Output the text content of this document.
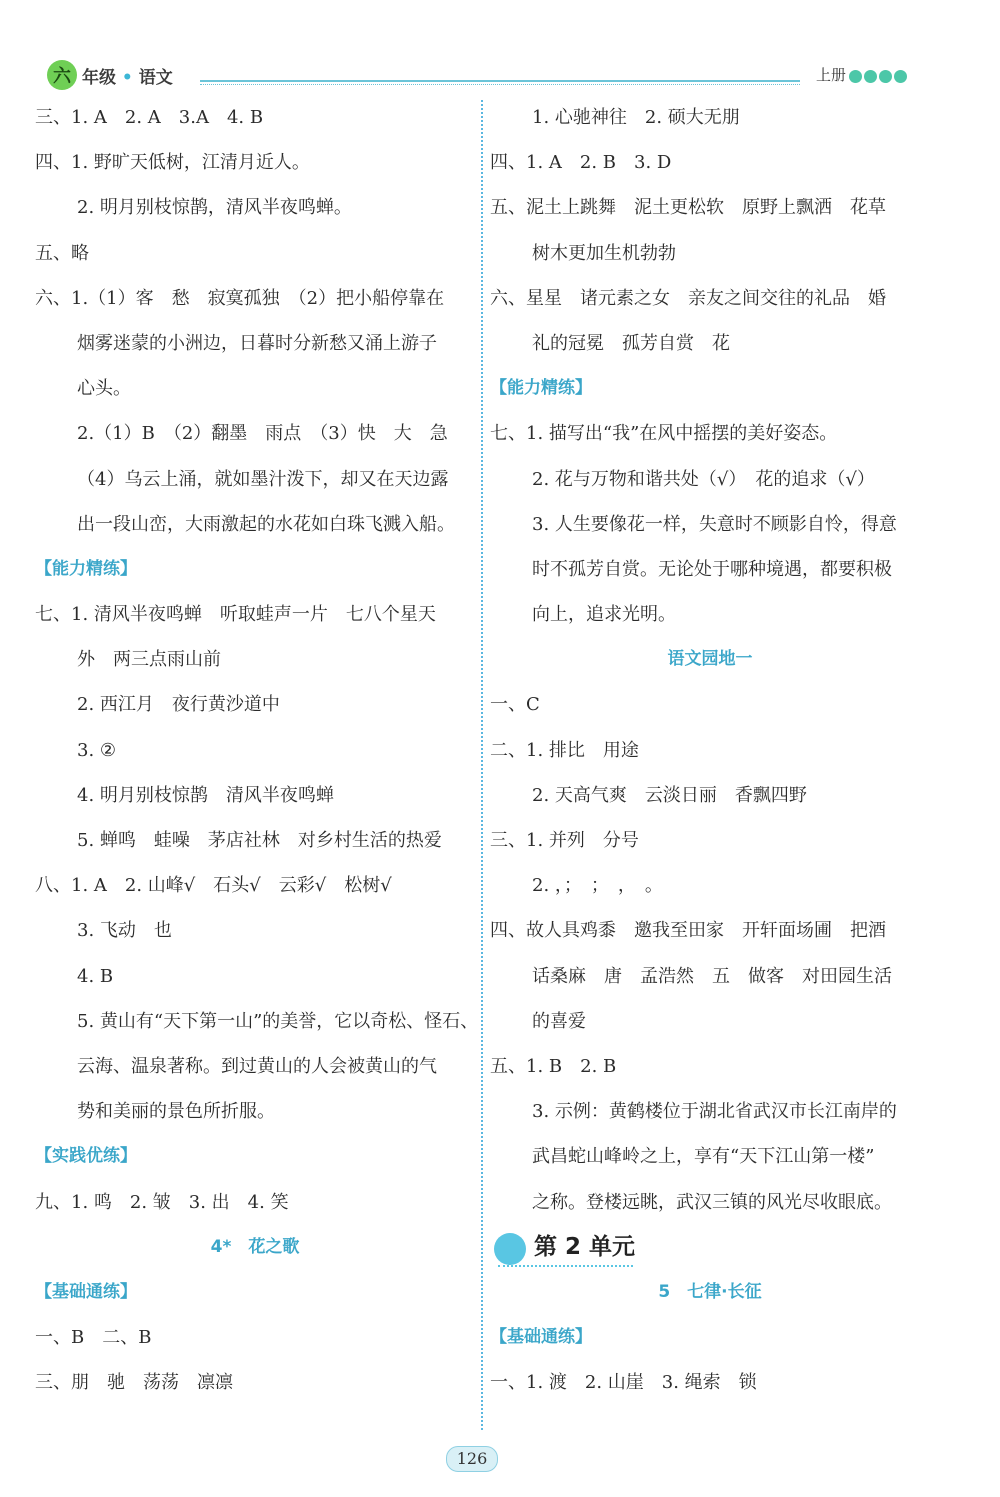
六 年级 • 语文	上册
三、1. A　2. A　3.A　4. B
四、1. 野旷天低树，江清月近人。
2. 明月别枝惊鹊，清风半夜鸣蝉。
五、略
六、1.（1）客　愁　寂寞孤独　（2）把小船停靠在
烟雾迷蒙的小洲边，日暮时分新愁又涌上游子
心头。
2.（1）B　（2）翻墨　雨点　（3）快　大　急
（4）乌云上涌，就如墨汁泼下，却又在天边露
出一段山峦，大雨激起的水花如白珠飞溅入船。
【能力精练】
七、1. 清风半夜鸣蝉　听取蛙声一片　七八个星天
外　两三点雨山前
2. 西江月　夜行黄沙道中
3. ②
4. 明月别枝惊鹊　清风半夜鸣蝉
5. 蝉鸣　蛙噪　茅店社林　对乡村生活的热爱
八、1. A　2. 山峰√　石头√　云彩√　松树√
3. 飞动　也
4. B
5. 黄山有“天下第一山”的美誉，它以奇松、怪石、
云海、温泉著称。到过黄山的人会被黄山的气
势和美丽的景色所折服。
【实践优练】
九、1. 鸣　2. 皱　3. 出　4. 笑
4*　花之歌
【基础通练】
一、B　二、B
三、朋　驰　荡荡　凛凛
1. 心驰神往　2. 硕大无朋
四、1. A　2. B　3. D
五、泥土上跳舞　泥土更松软　原野上飘洒　花草
树木更加生机勃勃
六、星星　诸元素之女　亲友之间交往的礼品　婚
礼的冠冕　孤芳自赏　花
【能力精练】
七、1. 描写出“我”在风中摇摆的美好姿态。
2. 花与万物和谐共处（√）　花的追求（√）
3. 人生要像花一样，失意时不顾影自怜，得意
时不孤芳自赏。无论处于哪种境遇，都要积极
向上，追求光明。
语文园地一
一、C
二、1. 排比　用途
2. 天高气爽　云淡日丽　香飘四野
三、1. 并列　分号
2. ，；　；　，　。
四、故人具鸡黍　邀我至田家　开轩面场圃　把酒
话桑麻　唐　孟浩然　五　做客　对田园生活
的喜爱
五、1. B　2. B
3. 示例：黄鹤楼位于湖北省武汉市长江南岸的
武昌蛇山峰岭之上，享有“天下江山第一楼”
之称。登楼远眺，武汉三镇的风光尽收眼底。
第 2 单元
5　七律·长征
【基础通练】
一、1. 渡　2. 山崖　3. 绳索　锁
126
